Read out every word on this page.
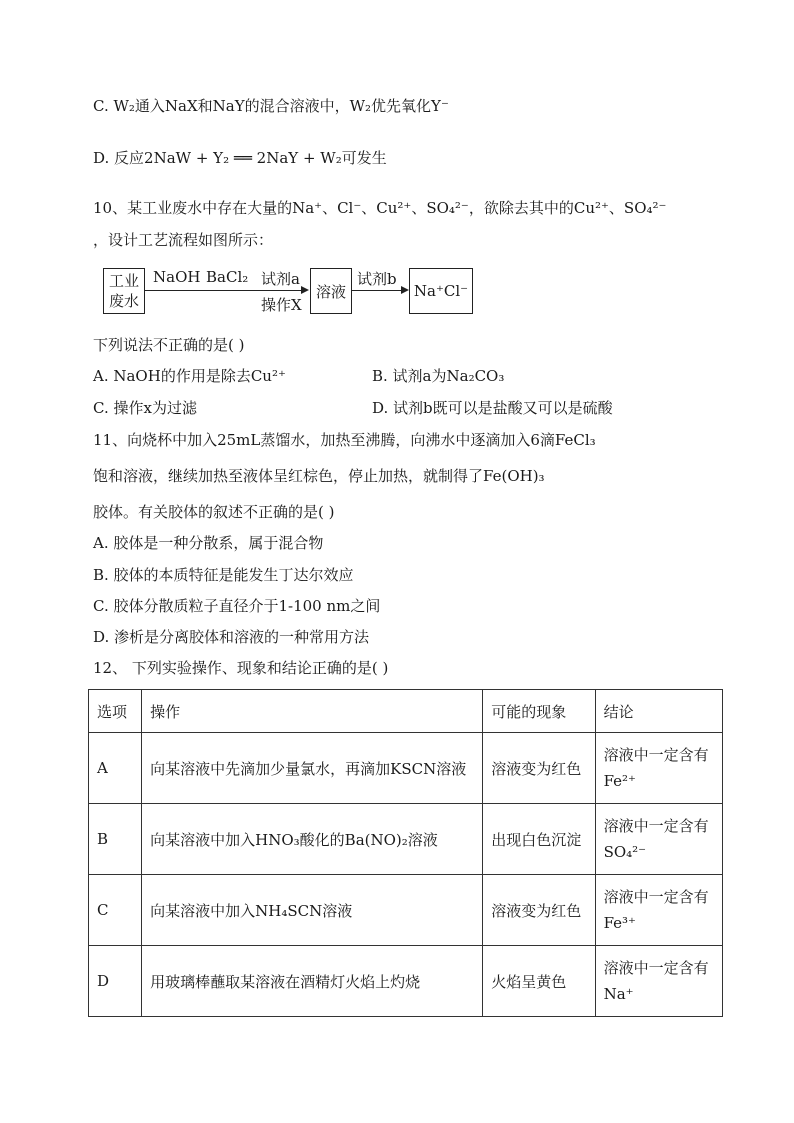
C. W₂通入NaX和NaY的混合溶液中，W₂优先氧化Y⁻
D. 反应2NaW + Y₂ ══ 2NaY + W₂可发生
10、某工业废水中存在大量的Na⁺、Cl⁻、Cu²⁺、SO₄²⁻，欲除去其中的Cu²⁺、SO₄²⁻
，设计工艺流程如图所示：
工业
废水
NaOH BaCl₂ 试剂a
操作X
溶液
试剂b
Na⁺Cl⁻
下列说法不正确的是( )
A. NaOH的作用是除去Cu²⁺	B. 试剂a为Na₂CO₃
C. 操作x为过滤	D. 试剂b既可以是盐酸又可以是硫酸
11、向烧杯中加入25mL蒸馏水，加热至沸腾，向沸水中逐滴加入6滴FeCl₃
饱和溶液，继续加热至液体呈红棕色，停止加热，就制得了Fe(OH)₃
胶体。有关胶体的叙述不正确的是( )
A. 胶体是一种分散系，属于混合物
B. 胶体的本质特征是能发生丁达尔效应
C. 胶体分散质粒子直径介于1-100 nm之间
D. 渗析是分离胶体和溶液的一种常用方法
12、 下列实验操作、现象和结论正确的是( )
选项	操作	可能的现象	结论
A	向某溶液中先滴加少量氯水，再滴加KSCN溶液	溶液变为红色	溶液中一定含有
Fe²⁺

B	向某溶液中加入HNO₃酸化的Ba(NO)₂溶液	出现白色沉淀	溶液中一定含有
SO₄²⁻

C	向某溶液中加入NH₄SCN溶液	溶液变为红色	溶液中一定含有
Fe³⁺

D	用玻璃棒蘸取某溶液在酒精灯火焰上灼烧	火焰呈黄色	溶液中一定含有
Na⁺
